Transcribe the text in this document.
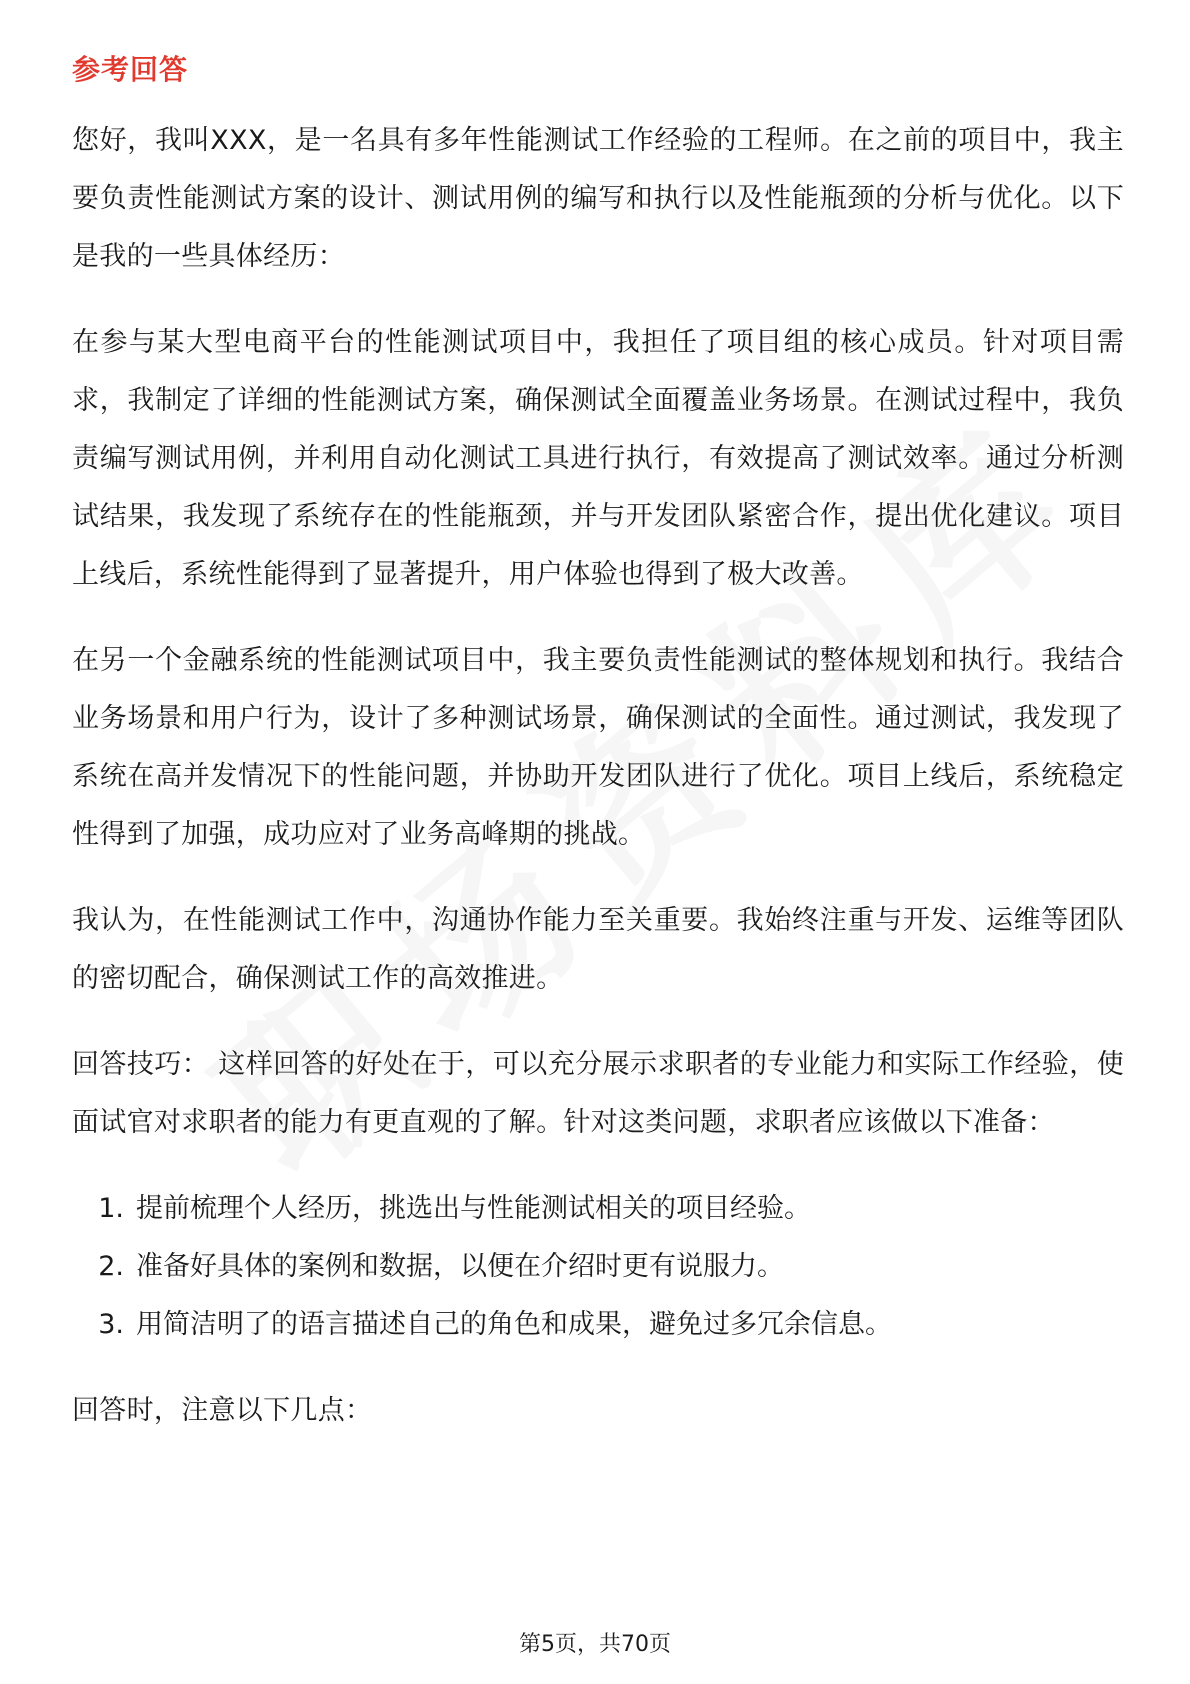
参考回答

您好，我叫XXX，是一名具有多年性能测试工作经验的工程师。在之前的项目中，我主要负责性能测试方案的设计、测试用例的编写和执行以及性能瓶颈的分析与优化。以下是我的一些具体经历：

在参与某大型电商平台的性能测试项目中，我担任了项目组的核心成员。针对项目需求，我制定了详细的性能测试方案，确保测试全面覆盖业务场景。在测试过程中，我负责编写测试用例，并利用自动化测试工具进行执行，有效提高了测试效率。通过分析测试结果，我发现了系统存在的性能瓶颈，并与开发团队紧密合作，提出优化建议。项目上线后，系统性能得到了显著提升，用户体验也得到了极大改善。

在另一个金融系统的性能测试项目中，我主要负责性能测试的整体规划和执行。我结合业务场景和用户行为，设计了多种测试场景，确保测试的全面性。通过测试，我发现了系统在高并发情况下的性能问题，并协助开发团队进行了优化。项目上线后，系统稳定性得到了加强，成功应对了业务高峰期的挑战。

我认为，在性能测试工作中，沟通协作能力至关重要。我始终注重与开发、运维等团队的密切配合，确保测试工作的高效推进。

回答技巧： 这样回答的好处在于，可以充分展示求职者的专业能力和实际工作经验，使面试官对求职者的能力有更直观的了解。针对这类问题，求职者应该做以下准备：

1. 提前梳理个人经历，挑选出与性能测试相关的项目经验。
2. 准备好具体的案例和数据，以便在介绍时更有说服力。
3. 用简洁明了的语言描述自己的角色和成果，避免过多冗余信息。

回答时，注意以下几点：

第5页，共70页
